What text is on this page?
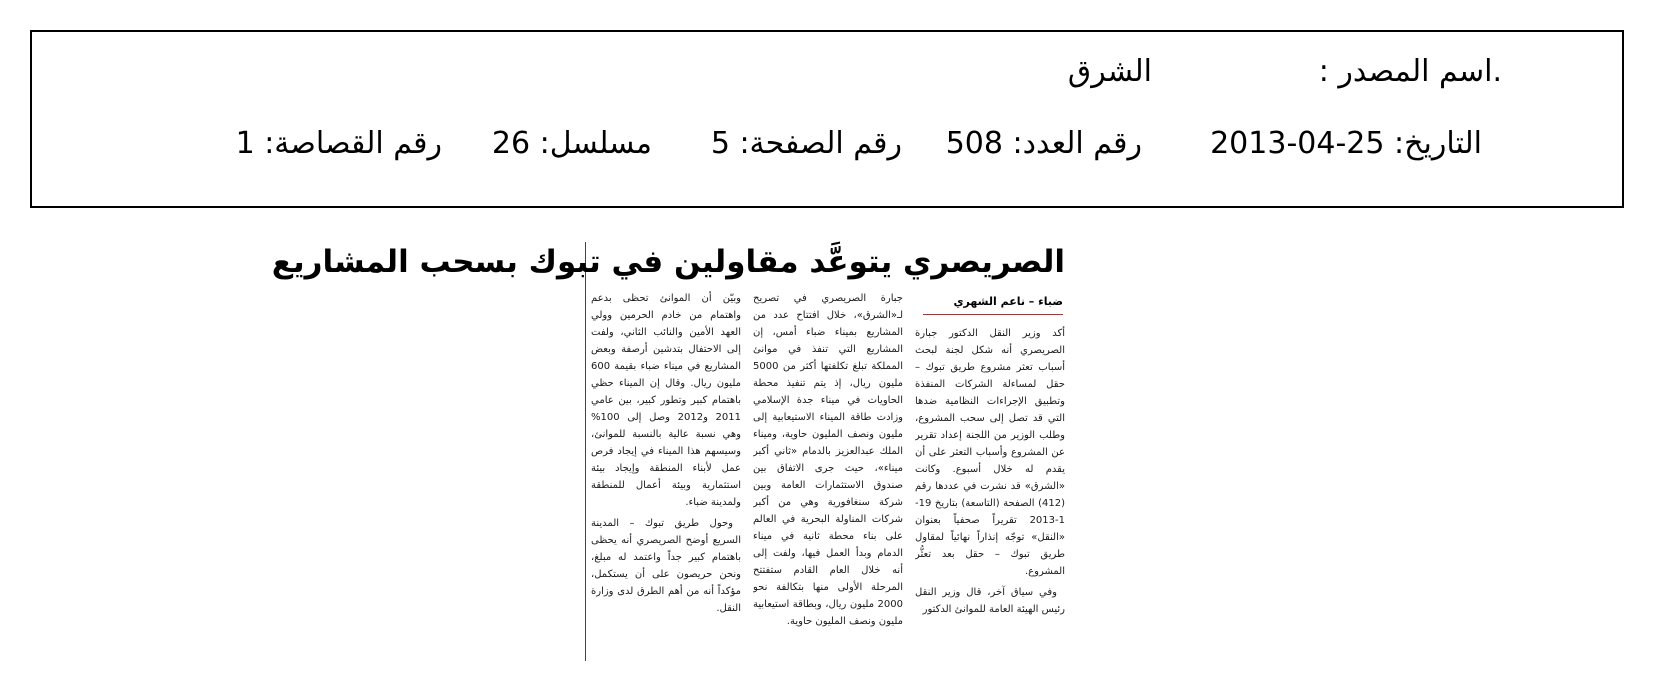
.اسم المصدر :
الشرق
التاريخ: 25-04-2013
رقم العدد: 508
رقم الصفحة: 5
مسلسل: 26
رقم القصاصة: 1
الصريصري يتوعَّد مقاولين في تبوك بسحب المشاريع
ضباء – ناعم الشهري

أكد وزير النقل الدكتور جبارة الصريصري أنه شكل لجنة لبحث أسباب تعثر مشروع طريق تبوك – حقل لمساءلة الشركات المنفذة وتطبيق الإجراءات النظامية ضدها التي قد تصل إلى سحب المشروع، وطلب الوزير من اللجنة إعداد تقرير عن المشروع وأسباب التعثر على أن يقدم له خلال أسبوع. وكانت «الشرق» قد نشرت في عددها رقم (412) الصفحة (التاسعة) بتاريخ 19-1-2013 تقريراً صحفياً بعنوان «النقل» توجّه إنذاراً نهائياً لمقاول طريق تبوك – حقل بعد تعثُّر المشروع.

وفي سياق آخر، قال وزير النقل رئيس الهيئة العامة للموانئ الدكتور

جبارة الصريصري في تصريح لـ«الشرق»، خلال افتتاح عدد من المشاريع بميناء ضباء أمس، إن المشاريع التي تنفذ في موانئ المملكة تبلغ تكلفتها أكثر من 5000 مليون ريال، إذ يتم تنفيذ محطة الحاويات في ميناء جدة الإسلامي وزادت طاقة الميناء الاستيعابية إلى مليون ونصف المليون حاوية، وميناء الملك عبدالعزيز بالدمام «ثاني أكبر ميناء»، حيث جرى الاتفاق بين صندوق الاستثمارات العامة وبين شركة سنغافورية وهي من أكبر شركات المناولة البحرية في العالم على بناء محطة ثانية في ميناء الدمام وبدأ العمل فيها، ولفت إلى أنه خلال العام القادم ستفتتح المرحلة الأولى منها بتكالفة نحو 2000 مليون ريال، وبطاقة استيعابية مليون ونصف المليون حاوية.

وبيّن أن الموانئ تحظى بدعم واهتمام من خادم الحرمين وولي العهد الأمين والنائب الثاني، ولفت إلى الاحتفال بتدشين أرصفة وبعض المشاريع في ميناء ضباء بقيمة 600 مليون ريال. وقال إن الميناء حظي باهتمام كبير وتطور كبير، بين عامي 2011 و2012 وصل إلى 100% وهي نسبة عالية بالنسبة للموانئ، وسيسهم هذا الميناء في إيجاد فرص عمل لأبناء المنطقة وإيجاد بيئة استثمارية وبيئة أعمال للمنطقة ولمدينة ضباء.

وحول طريق تبوك – المدينة السريع أوضح الصريصري أنه يحظى باهتمام كبير جداً واعتمد له مبلغ، ونحن حريصون على أن يستكمل، مؤكداً أنه من أهم الطرق لدى وزارة النقل.
